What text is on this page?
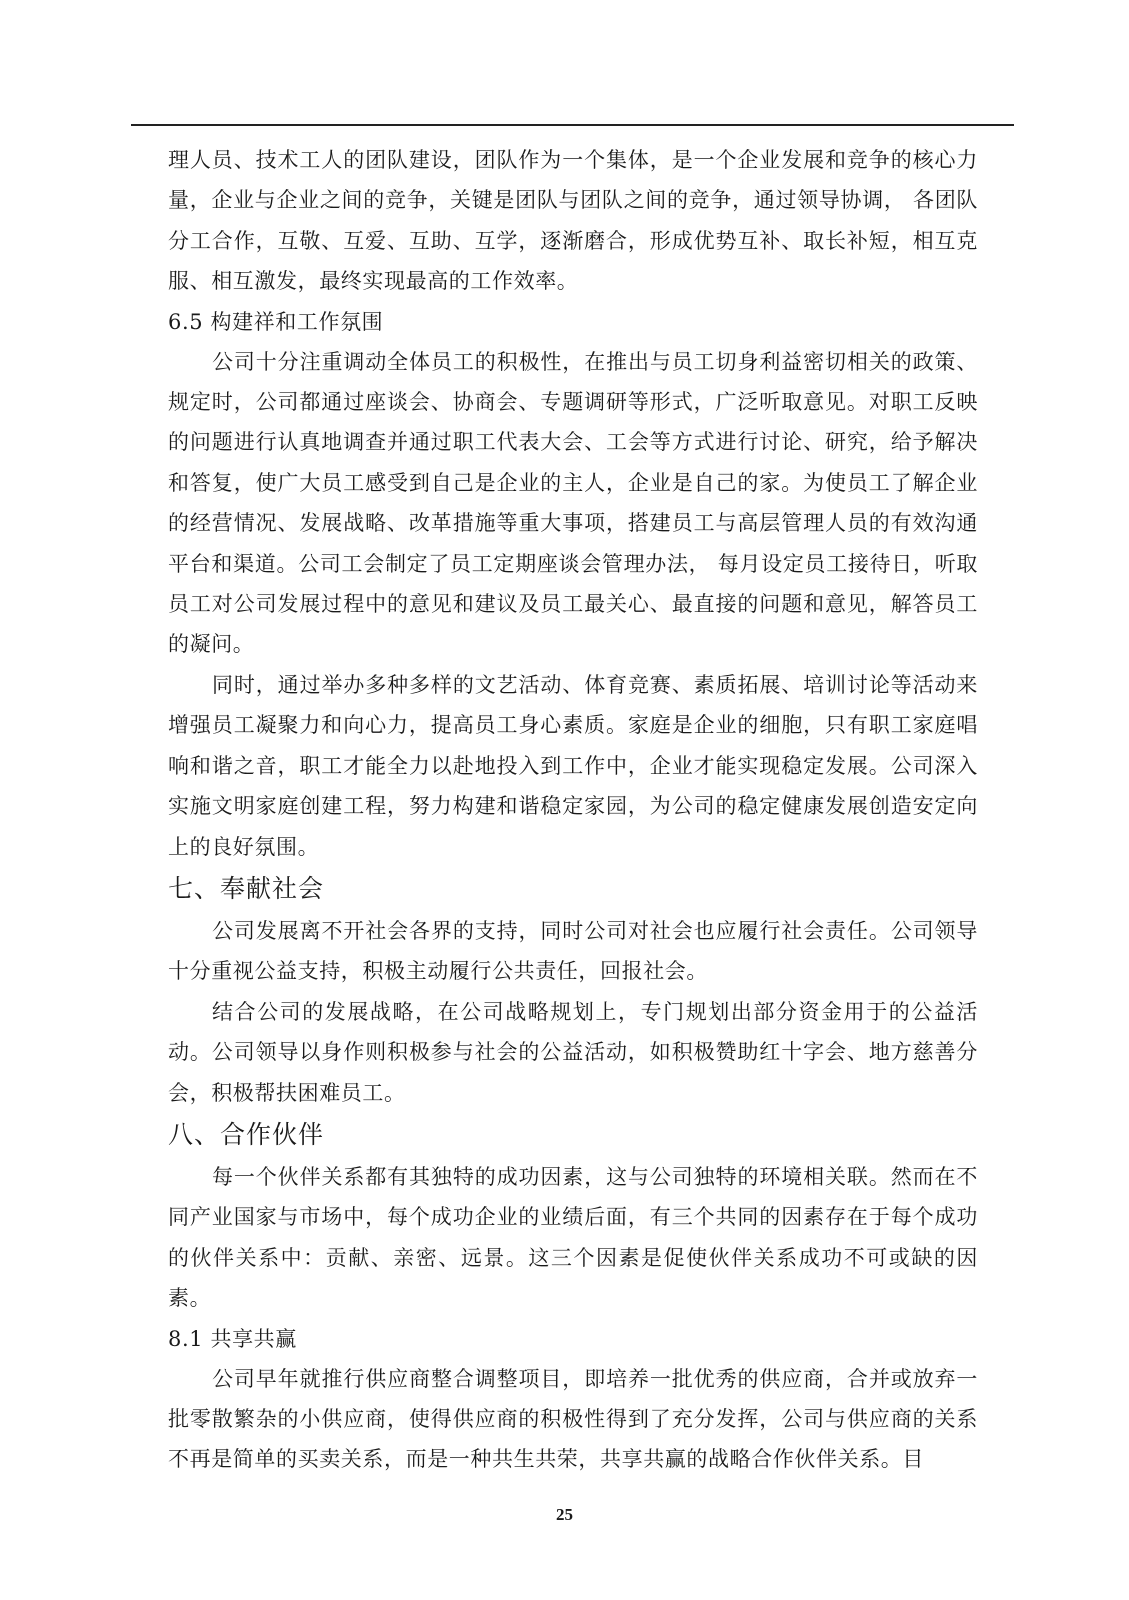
理人员、技术工人的团队建设，团队作为一个集体，是一个企业发展和竞争的核心力量，企业与企业之间的竞争，关键是团队与团队之间的竞争，通过领导协调， 各团队分工合作，互敬、互爱、互助、互学，逐渐磨合，形成优势互补、取长补短，相互克服、相互激发，最终实现最高的工作效率。

6.5 构建祥和工作氛围

公司十分注重调动全体员工的积极性，在推出与员工切身利益密切相关的政策、规定时，公司都通过座谈会、协商会、专题调研等形式，广泛听取意见。对职工反映的问题进行认真地调查并通过职工代表大会、工会等方式进行讨论、研究，给予解决和答复，使广大员工感受到自己是企业的主人，企业是自己的家。为使员工了解企业的经营情况、发展战略、改革措施等重大事项，搭建员工与高层管理人员的有效沟通平台和渠道。公司工会制定了员工定期座谈会管理办法， 每月设定员工接待日，听取员工对公司发展过程中的意见和建议及员工最关心、最直接的问题和意见，解答员工的凝问。

同时，通过举办多种多样的文艺活动、体育竞赛、素质拓展、培训讨论等活动来增强员工凝聚力和向心力，提高员工身心素质。家庭是企业的细胞，只有职工家庭唱响和谐之音，职工才能全力以赴地投入到工作中，企业才能实现稳定发展。公司深入实施文明家庭创建工程，努力构建和谐稳定家园，为公司的稳定健康发展创造安定向上的良好氛围。

七、奉献社会

公司发展离不开社会各界的支持，同时公司对社会也应履行社会责任。公司领导十分重视公益支持，积极主动履行公共责任，回报社会。

结合公司的发展战略，在公司战略规划上，专门规划出部分资金用于的公益活动。公司领导以身作则积极参与社会的公益活动，如积极赞助红十字会、地方慈善分会，积极帮扶困难员工。

八、合作伙伴

每一个伙伴关系都有其独特的成功因素，这与公司独特的环境相关联。然而在不同产业国家与市场中，每个成功企业的业绩后面，有三个共同的因素存在于每个成功的伙伴关系中：贡献、亲密、远景。这三个因素是促使伙伴关系成功不可或缺的因素。

8.1 共享共赢

公司早年就推行供应商整合调整项目，即培养一批优秀的供应商，合并或放弃一批零散繁杂的小供应商，使得供应商的积极性得到了充分发挥，公司与供应商的关系不再是简单的买卖关系，而是一种共生共荣，共享共赢的战略合作伙伴关系。目

25
